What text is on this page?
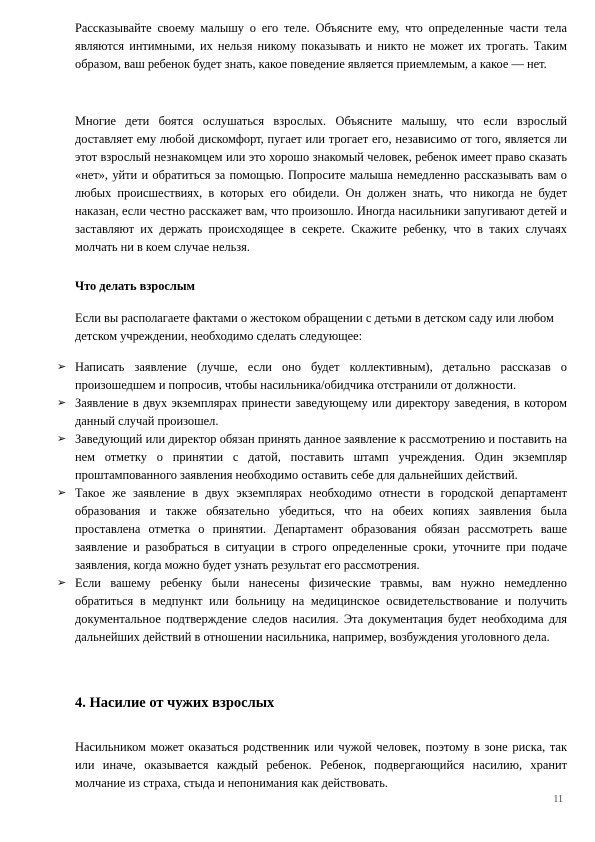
Рассказывайте своему малышу о его теле. Объясните ему, что определенные части тела являются интимными, их нельзя никому показывать и никто не может их трогать. Таким образом, ваш ребенок будет знать, какое поведение является приемлемым, а какое — нет.

Многие дети боятся ослушаться взрослых. Объясните малышу, что если взрослый доставляет ему любой дискомфорт, пугает или трогает его, независимо от того, является ли этот взрослый незнакомцем или это хорошо знакомый человек, ребенок имеет право сказать «нет», уйти и обратиться за помощью. Попросите малыша немедленно рассказывать вам о любых происшествиях, в которых его обидели. Он должен знать, что никогда не будет наказан, если честно расскажет вам, что произошло. Иногда насильники запугивают детей и заставляют их держать происходящее в секрете. Скажите ребенку, что в таких случаях молчать ни в коем случае нельзя.

Что делать взрослым

Если вы располагаете фактами о жестоком обращении с детьми в детском саду или любом детском учреждении, необходимо сделать следующее:

➢ Написать заявление (лучше, если оно будет коллективным), детально рассказав о произошедшем и попросив, чтобы насильника/обидчика отстранили от должности.
➢ Заявление в двух экземплярах принести заведующему или директору заведения, в котором данный случай произошел.
➢ Заведующий или директор обязан принять данное заявление к рассмотрению и поставить на нем отметку о принятии с датой, поставить штамп учреждения. Один экземпляр проштампованного заявления необходимо оставить себе для дальнейших действий.
➢ Такое же заявление в двух экземплярах необходимо отнести в городской департамент образования и также обязательно убедиться, что на обеих копиях заявления была проставлена отметка о принятии. Департамент образования обязан рассмотреть ваше заявление и разобраться в ситуации в строго определенные сроки, уточните при подаче заявления, когда можно будет узнать результат его рассмотрения.
➢ Если вашему ребенку были нанесены физические травмы, вам нужно немедленно обратиться в медпункт или больницу на медицинское освидетельствование и получить документальное подтверждение следов насилия. Эта документация будет необходима для дальнейших действий в отношении насильника, например, возбуждения уголовного дела.
4. Насилие от чужих взрослых

Насильником может оказаться родственник или чужой человек, поэтому в зоне риска, так или иначе, оказывается каждый ребенок. Ребенок, подвергающийся насилию, хранит молчание из страха, стыда и непонимания как действовать.

11
